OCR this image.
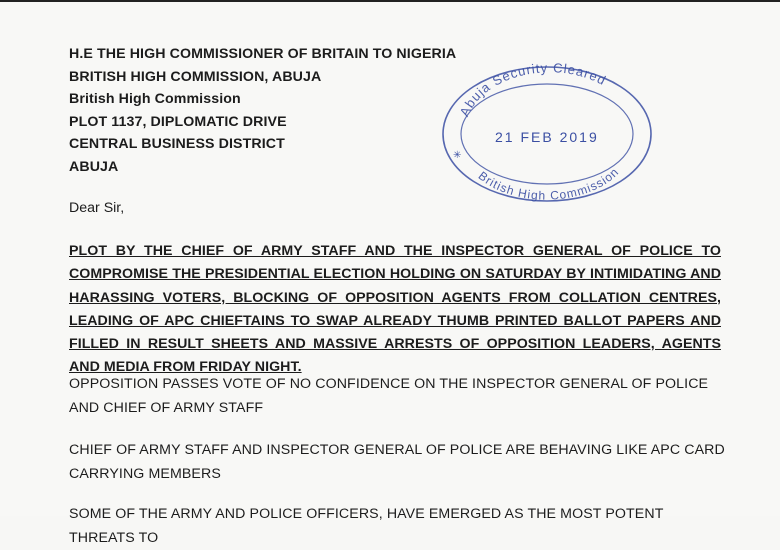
H.E THE HIGH COMMISSIONER OF BRITAIN TO NIGERIA
BRITISH HIGH COMMISSION, ABUJA
British High Commission
PLOT 1137, DIPLOMATIC DRIVE
CENTRAL BUSINESS DISTRICT
ABUJA
Abuja Security Cleared
21 FEB 2019
British High Commission
✳
Dear Sir,
PLOT BY THE CHIEF OF ARMY STAFF AND THE INSPECTOR GENERAL OF POLICE TO COMPROMISE THE PRESIDENTIAL ELECTION HOLDING ON SATURDAY BY INTIMIDATING AND HARASSING VOTERS, BLOCKING OF OPPOSITION AGENTS FROM COLLATION CENTRES, LEADING OF APC CHIEFTAINS TO SWAP ALREADY THUMB PRINTED BALLOT PAPERS AND FILLED IN RESULT SHEETS AND MASSIVE ARRESTS OF OPPOSITION LEADERS, AGENTS AND MEDIA FROM FRIDAY NIGHT.
OPPOSITION PASSES VOTE OF NO CONFIDENCE ON THE INSPECTOR GENERAL OF POLICE AND CHIEF OF ARMY STAFF
CHIEF OF ARMY STAFF AND INSPECTOR GENERAL OF POLICE ARE BEHAVING LIKE APC CARD CARRYING MEMBERS
SOME OF THE ARMY AND POLICE OFFICERS, HAVE EMERGED AS THE MOST POTENT THREATS TO
